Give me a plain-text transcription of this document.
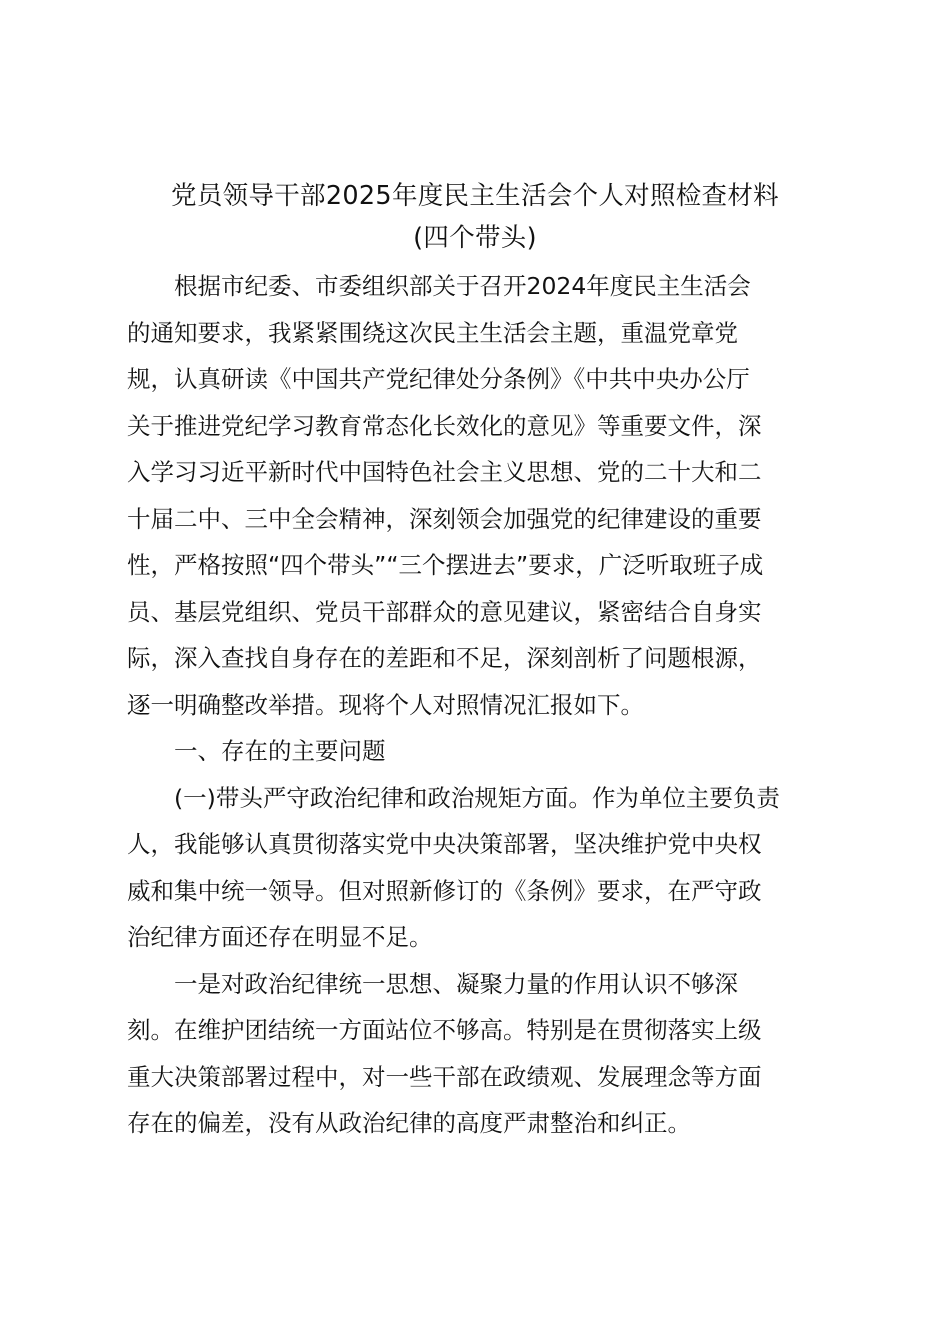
党员领导干部2025年度民主生活会个人对照检查材料
(四个带头)
根据市纪委、市委组织部关于召开2024年度民主生活会
的通知要求，我紧紧围绕这次民主生活会主题，重温党章党
规，认真研读《中国共产党纪律处分条例》《中共中央办公厅
关于推进党纪学习教育常态化长效化的意见》等重要文件，深
入学习习近平新时代中国特色社会主义思想、党的二十大和二
十届二中、三中全会精神，深刻领会加强党的纪律建设的重要
性，严格按照“四个带头”“三个摆进去”要求，广泛听取班子成
员、基层党组织、党员干部群众的意见建议，紧密结合自身实
际，深入查找自身存在的差距和不足，深刻剖析了问题根源，
逐一明确整改举措。现将个人对照情况汇报如下。
一、存在的主要问题
(一)带头严守政治纪律和政治规矩方面。作为单位主要负责
人，我能够认真贯彻落实党中央决策部署，坚决维护党中央权
威和集中统一领导。但对照新修订的《条例》要求，在严守政
治纪律方面还存在明显不足。
一是对政治纪律统一思想、凝聚力量的作用认识不够深
刻。在维护团结统一方面站位不够高。特别是在贯彻落实上级
重大决策部署过程中，对一些干部在政绩观、发展理念等方面
存在的偏差，没有从政治纪律的高度严肃整治和纠正。
